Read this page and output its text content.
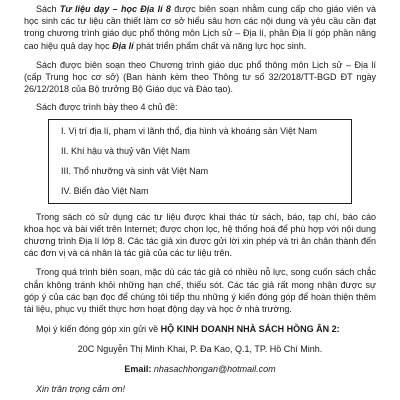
Sách Tư liệu dạy – học Địa lí 8 được biên soạn nhằm cung cấp cho giáo viên và học sinh các tư liệu cần thiết làm cơ sở hiểu sâu hơn các nội dung và yêu cầu cần đạt trong chương trình giáo dục phổ thông môn Lịch sử – Địa lí, phần Địa lí góp phần nâng cao hiệu quả dạy học Địa lí phát triển phẩm chất và năng lực học sinh.

Sách được biên soạn theo Chương trình giáo dục phổ thông môn Lịch sử – Địa lí (cấp Trung học cơ sở) (Ban hành kèm theo Thông tư số 32/2018/TT-BGD ĐT ngày 26/12/2018 của Bộ trưởng Bộ Giáo dục và Đào tạo).

Sách được trình bày theo 4 chủ đề:

I. Vị trí địa lí, phạm vi lãnh thổ, địa hình và khoáng sản Việt Nam
II. Khí hậu và thuỷ văn Việt Nam
III. Thổ nhưỡng và sinh vật Việt Nam
IV. Biển đảo Việt Nam

Trong sách có sử dụng các tư liệu được khai thác từ sách, báo, tạp chí, báo cáo khoa học và bài viết trên Internet; được chọn lọc, hệ thống hoá để phù hợp với nội dung chương trình Địa lí lớp 8. Các tác giả xin được gửi lời xin phép và tri ân chân thành đến các đơn vị và cá nhân là tác giả của các tư liệu trên.

Trong quá trình biên soạn, mặc dù các tác giả có nhiều nỗ lực, song cuốn sách chắc chắn không tránh khỏi những hạn chế, thiếu sót. Các tác giả rất mong nhận được sự góp ý của các bạn đọc để chúng tôi tiếp thu những ý kiến đóng góp để hoàn thiện thêm tài liệu, phục vụ thiết thực hơn hoạt động dạy và học ở nhà trường.

Mọi ý kiến đóng góp xin gửi về HỘ KINH DOANH NHÀ SÁCH HỒNG ÂN 2:

20C Nguyễn Thị Minh Khai, P. Đa Kao, Q.1, TP. Hồ Chí Minh.
Email: nhasachhongan@hotmail.com

Xin trân trọng cảm ơn!
